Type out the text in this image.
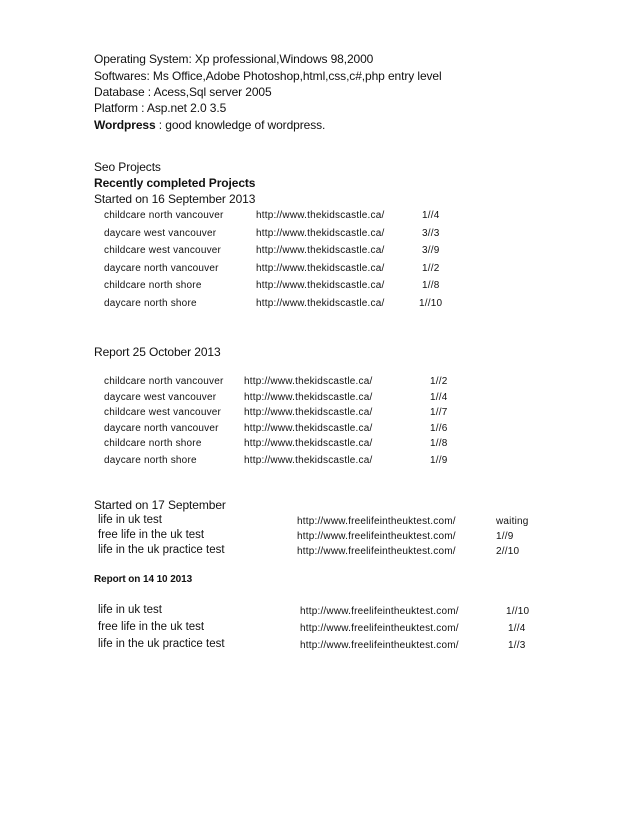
Operating System: Xp professional,Windows 98,2000
Softwares: Ms Office,Adobe Photoshop,html,css,c#,php entry level
Database : Acess,Sql server 2005
Platform : Asp.net 2.0 3.5
Wordpress : good knowledge of wordpress.
Seo Projects
Recently completed Projects
Started on 16 September 2013
childcare north vancouver	http://www.thekidscastle.ca/	1//4
daycare west vancouver	http://www.thekidscastle.ca/	3//3
childcare west vancouver	http://www.thekidscastle.ca/	3//9
daycare north vancouver	http://www.thekidscastle.ca/	1//2
childcare north shore	http://www.thekidscastle.ca/	1//8
daycare north shore	http://www.thekidscastle.ca/	1//10
Report 25 October 2013
childcare north vancouver http://www.thekidscastle.ca/	1//2
daycare west vancouver	http://www.thekidscastle.ca/	1//4
childcare west vancouver http://www.thekidscastle.ca/	1//7
daycare north vancouver	http://www.thekidscastle.ca/	1//6
childcare north shore	http://www.thekidscastle.ca/	1//8
daycare north shore	http://www.thekidscastle.ca/	1//9
Started on 17 September
life in uk test	http://www.freelifeintheuktest.com/	waiting
free life in the uk test	http://www.freelifeintheuktest.com/	1//9
life in the uk practice test	http://www.freelifeintheuktest.com/	2//10
Report on 14 10 2013
life in uk test	http://www.freelifeintheuktest.com/	1//10
free life in the uk test	http://www.freelifeintheuktest.com/	1//4
life in the uk practice test	http://www.freelifeintheuktest.com/	1//3
